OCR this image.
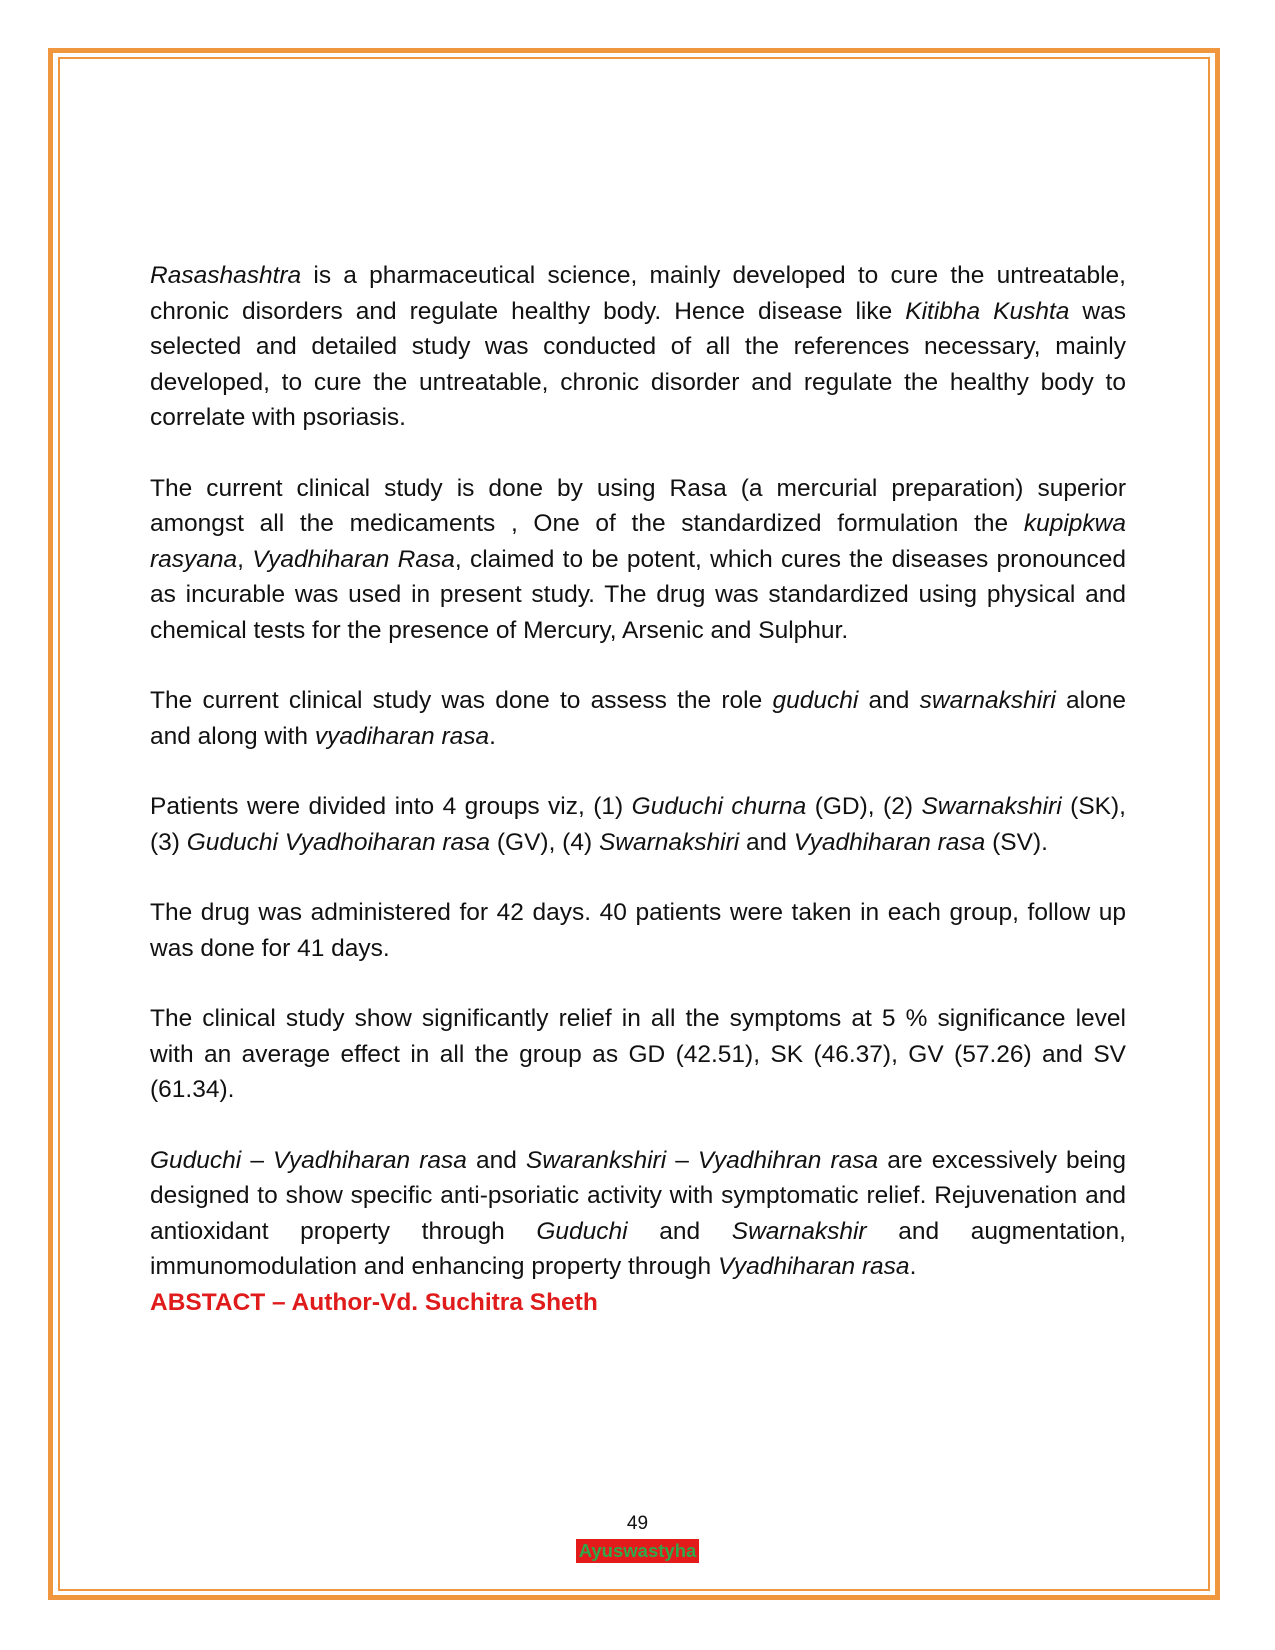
Rasashashtra is a pharmaceutical science, mainly developed to cure the untreatable, chronic disorders and regulate healthy body. Hence disease like Kitibha Kushta was selected and detailed study was conducted of all the references necessary, mainly developed, to cure the untreatable, chronic disorder and regulate the healthy body to correlate with psoriasis.

The current clinical study is done by using Rasa (a mercurial preparation) superior amongst all the medicaments , One of the standardized formulation the kupipkwa rasyana, Vyadhiharan Rasa, claimed to be potent, which cures the diseases pronounced as incurable was used in present study. The drug was standardized using physical and chemical tests for the presence of Mercury, Arsenic and Sulphur.

The current clinical study was done to assess the role guduchi and swarnakshiri alone and along with vyadiharan rasa.

Patients were divided into 4 groups viz, (1) Guduchi churna (GD), (2) Swarnakshiri (SK), (3) Guduchi Vyadhoiharan rasa (GV), (4) Swarnakshiri and Vyadhiharan rasa (SV).

The drug was administered for 42 days. 40 patients were taken in each group, follow up was done for 41 days.

The clinical study show significantly relief in all the symptoms at 5 % significance level with an average effect in all the group as GD (42.51), SK (46.37), GV (57.26) and SV (61.34).

Guduchi – Vyadhiharan rasa and Swarankshiri – Vyadhihran rasa are excessively being designed to show specific anti-psoriatic activity with symptomatic relief. Rejuvenation and antioxidant property through Guduchi and Swarnakshir and augmentation, immunomodulation and enhancing property through Vyadhiharan rasa.

ABSTACT – Author-Vd. Suchitra Sheth

49
Ayuswastyha
